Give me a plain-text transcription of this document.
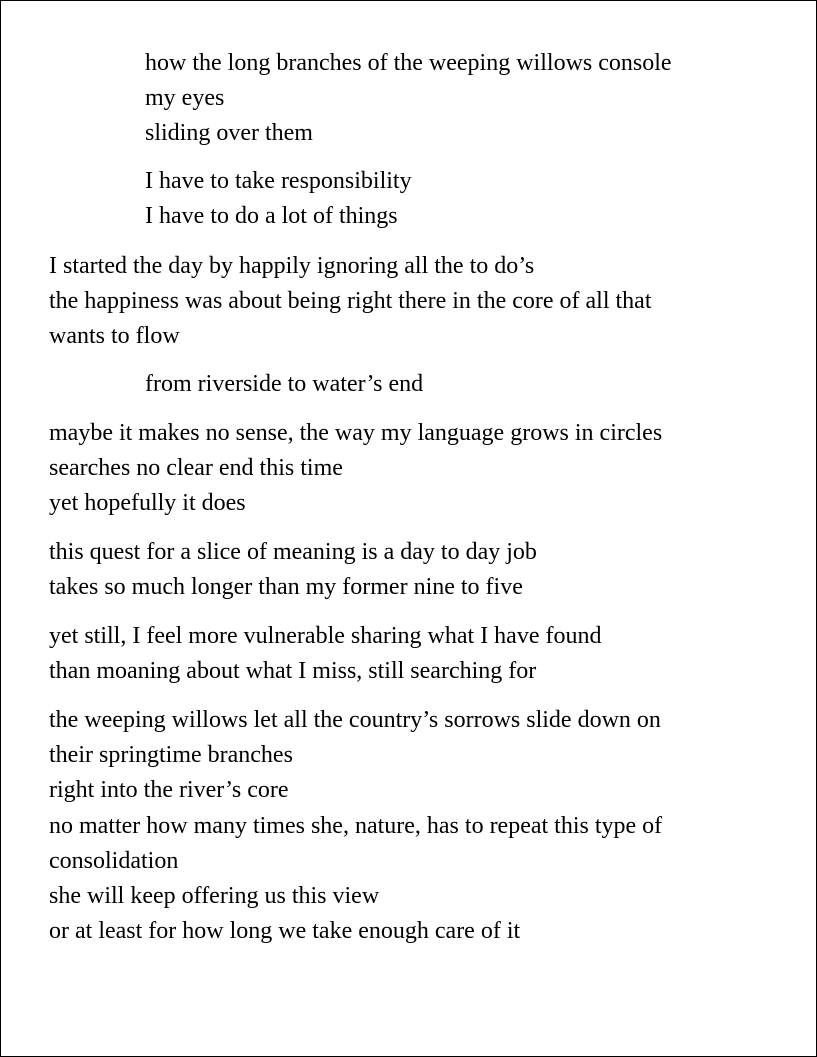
how the long branches of the weeping willows console

my eyes

sliding over them

I have to take responsibility

I have to do a lot of things

I started the day by happily ignoring all the to do’s

the happiness was about being right there in the core of all that

wants to flow

from riverside to water’s end

maybe it makes no sense, the way my language grows in circles

searches no clear end this time

yet hopefully it does

this quest for a slice of meaning is a day to day job

takes so much longer than my former nine to five

yet still, I feel more vulnerable sharing what I have found

than moaning about what I miss, still searching for

the weeping willows let all the country’s sorrows slide down on

their springtime branches

right into the river’s core

no matter how many times she, nature, has to repeat this type of

consolidation

she will keep offering us this view

or at least for how long we take enough care of it
